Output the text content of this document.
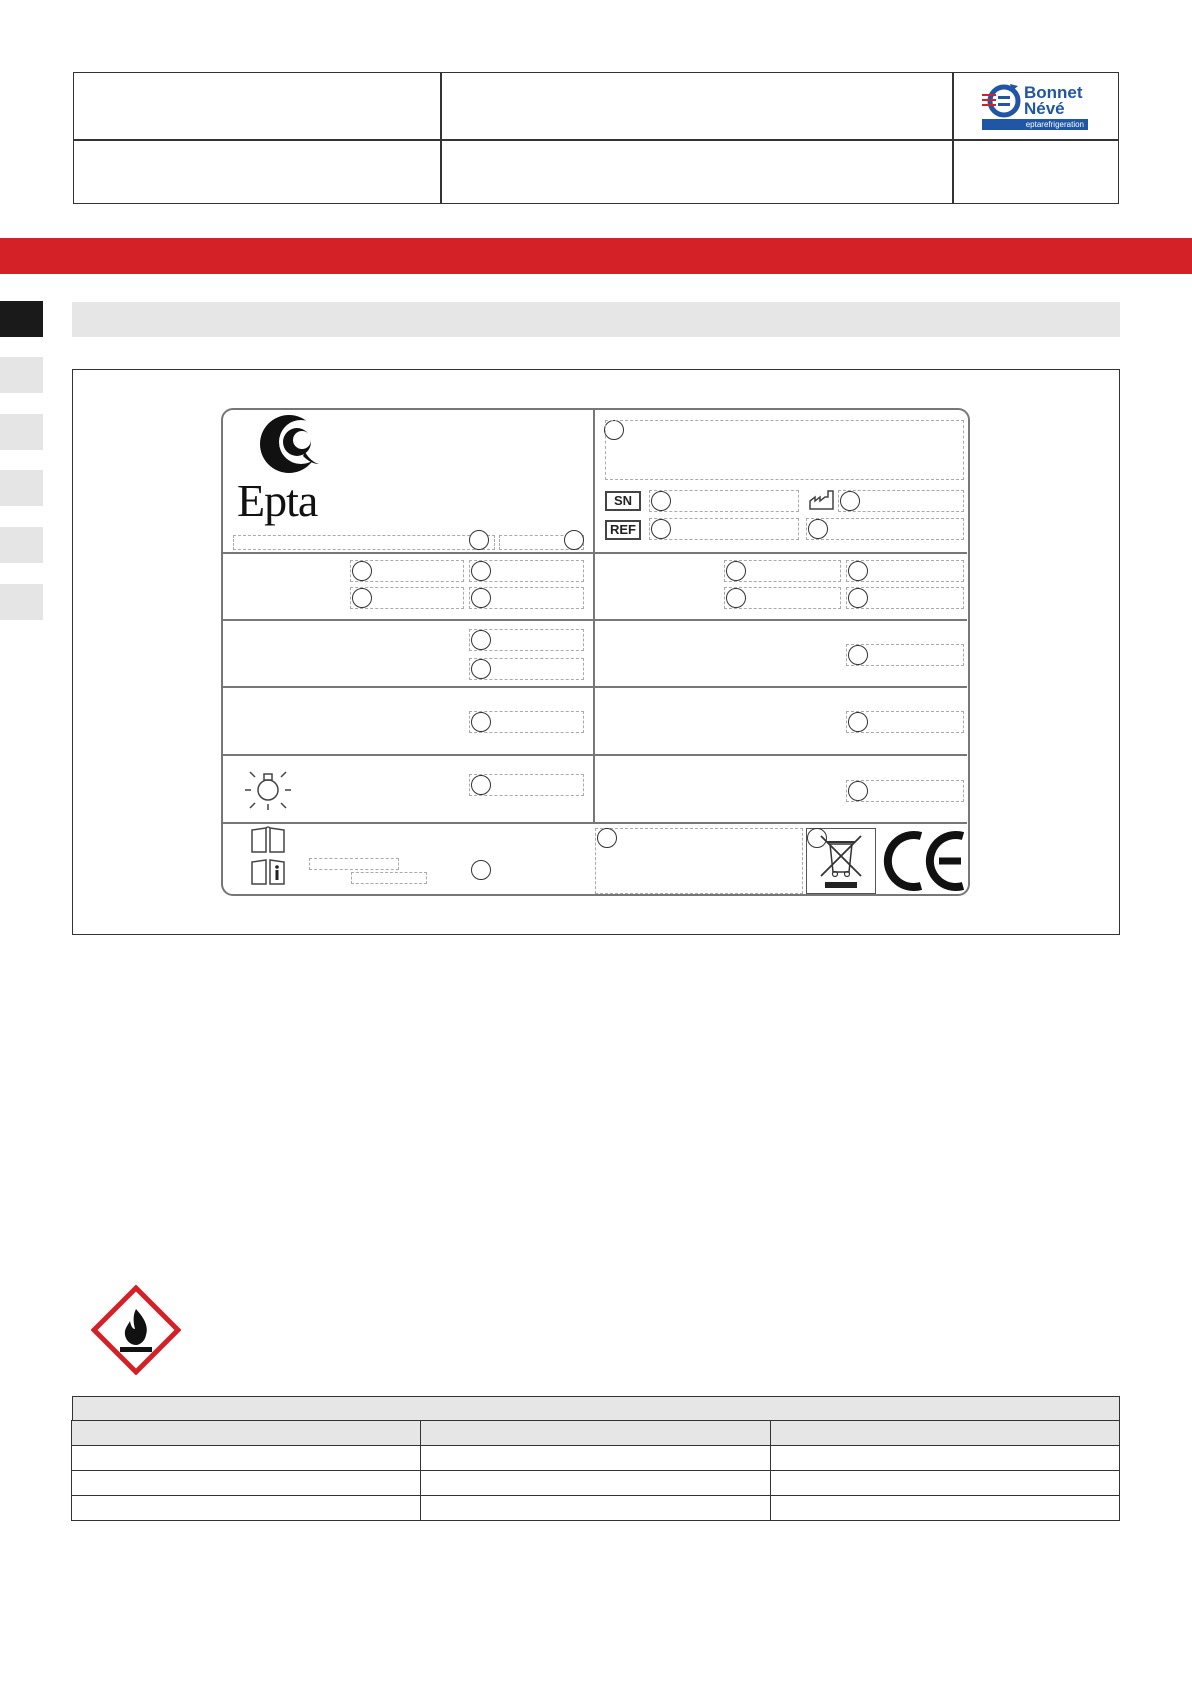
Bonnet
Névé
eptarefrigeration
Epta	SN
REF
